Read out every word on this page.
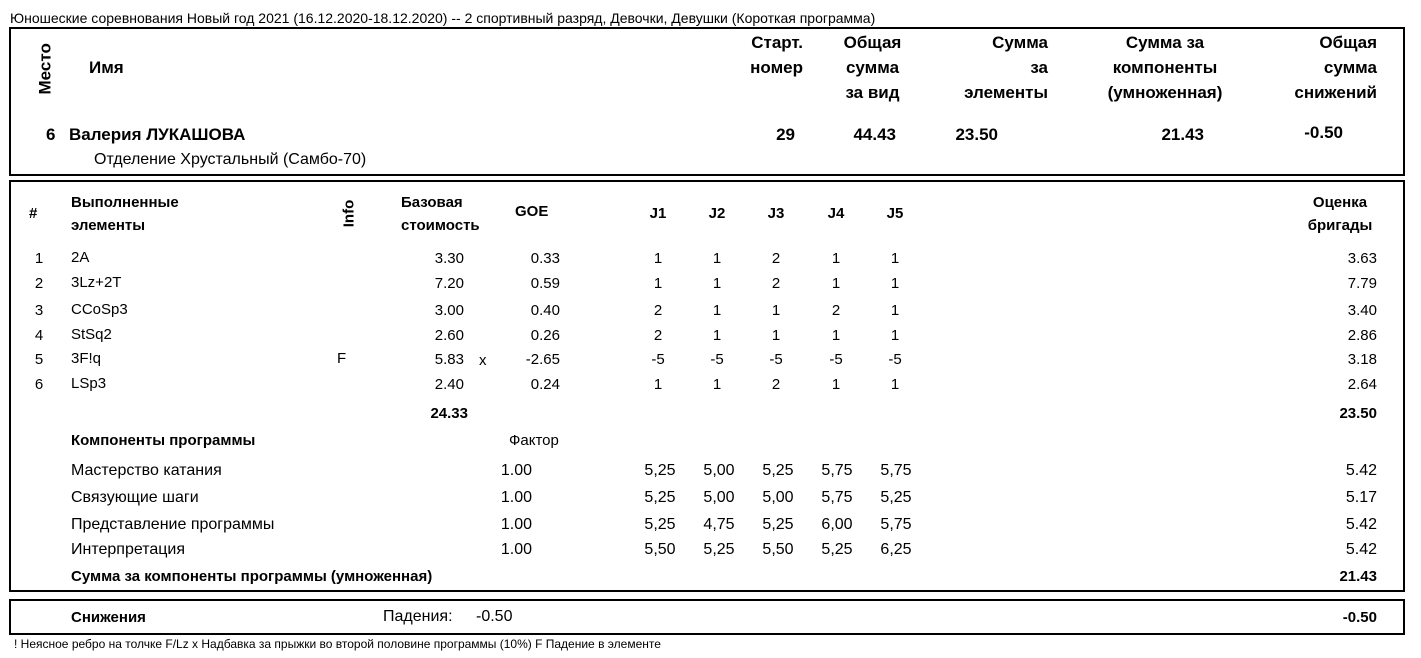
Юношеские соревнования Новый год 2021 (16.12.2020-18.12.2020) -- 2 спортивный разряд, Девочки, Девушки (Короткая программа)
Место Имя
Старт.
номер
Общая
сумма
за вид
Сумма
за
элементы
Сумма за
компоненты
(умноженная)
Общая
сумма
снижений
6 Валерия ЛУКАШОВА
Отделение Хрустальный (Самбо-70)
29	44.43	23.50	21.43	-0.50
#
Выполненные
элементы	Info	Базовая
стоимость
GOE	J1	J2	J3	J4	J5
Оценка
бригады
1	2A	3.30	0.33	1	1	2	1	1	3.63
2	3Lz+2T	7.20	0.59	1	1	2	1	1	7.79
3	CCoSp3	3.00	0.40	2	1	1	2	1	3.40
4	StSq2	2.60	0.26	2	1	1	1	1	2.86
5	3F!q	F	5.83 x	-2.65	-5	-5	-5	-5	-5	3.18
6	LSp3	2.40	0.24	1	1	2	1	1	2.64
24.33	23.50
Компоненты программы	Фактор
Мастерство катания	1.00	5,25	5,00	5,25	5,75	5,75	5.42
Связующие шаги	1.00	5,25	5,00	5,00	5,75	5,25	5.17
Представление программы	1.00	5,25	4,75	5,25	6,00	5,75	5.42
Интерпретация	1.00	5,50	5,25	5,50	5,25	6,25	5.42
Сумма за компоненты программы (умноженная)	21.43
Снижения	Падения: -0.50	-0.50
! Неясное ребро на толчке F/Lz x Надбавка за прыжки во второй половине программы (10%) F Падение в элементе
